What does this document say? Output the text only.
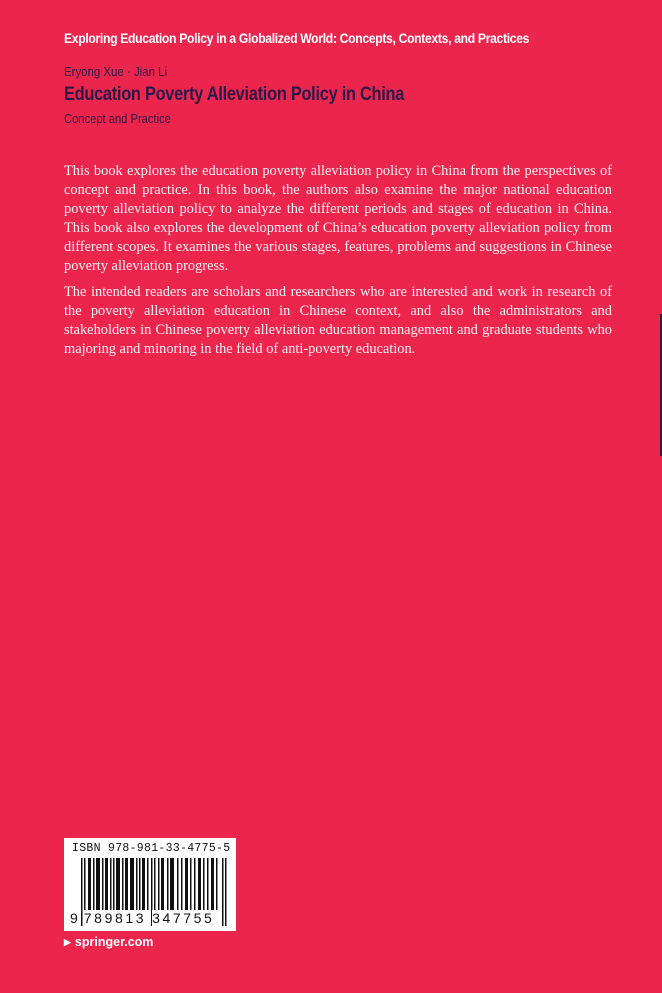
Exploring Education Policy in a Globalized World: Concepts, Contexts, and Practices
Eryong Xue · Jian Li
Education Poverty Alleviation Policy in China
Concept and Practice

This book explores the education poverty alleviation policy in China from the perspectives of concept and practice. In this book, the authors also examine the major national education poverty alleviation policy to analyze the different periods and stages of education in China. This book also explores the development of China’s education poverty alleviation policy from different scopes. It examines the various stages, features, problems and suggestions in Chinese poverty alleviation progress.

The intended readers are scholars and researchers who are interested and work in research of the poverty alleviation education in Chinese context, and also the administrators and stakeholders in Chinese poverty alleviation education management and graduate students who majoring and minoring in the field of anti-poverty education.

ISBN 978-981-33-4775-5
9 789813 347755
▶ springer.com
